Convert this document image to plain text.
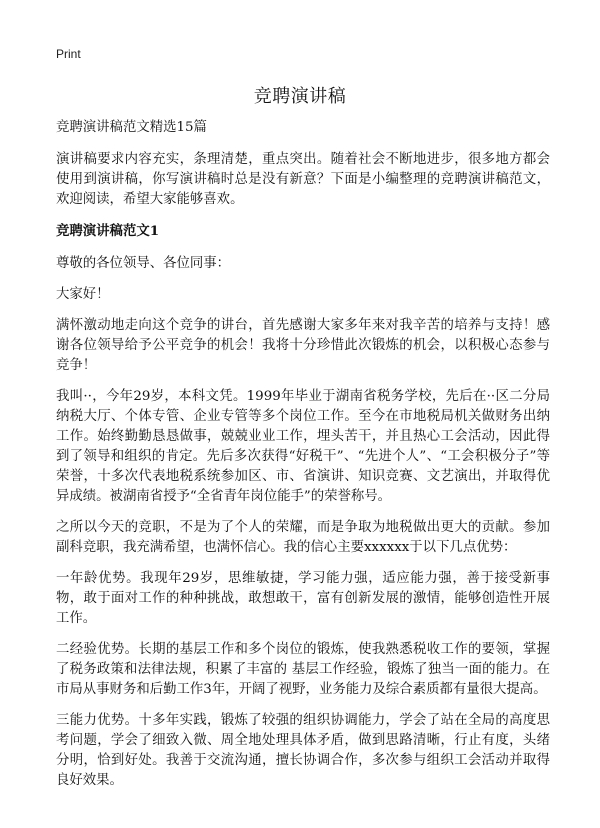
Print
竞聘演讲稿

竞聘演讲稿范文精选15篇

演讲稿要求内容充实，条理清楚，重点突出。随着社会不断地进步，很多地方都会使用到演讲稿，你写演讲稿时总是没有新意？下面是小编整理的竞聘演讲稿范文，欢迎阅读，希望大家能够喜欢。

竞聘演讲稿范文1

尊敬的各位领导、各位同事：

大家好！

满怀激动地走向这个竞争的讲台，首先感谢大家多年来对我辛苦的培养与支持！感谢各位领导给予公平竞争的机会！我将十分珍惜此次锻炼的机会，以积极心态参与竞争！

我叫··，今年29岁，本科文凭。1999年毕业于湖南省税务学校，先后在··区二分局纳税大厅、个体专管、企业专管等多个岗位工作。至今在市地税局机关做财务出纳工作。始终勤勤恳恳做事，兢兢业业工作，埋头苦干，并且热心工会活动，因此得到了领导和组织的肯定。先后多次获得“好税干”、“先进个人”、“工会积极分子”等荣誉，十多次代表地税系统参加区、市、省演讲、知识竞赛、文艺演出，并取得优异成绩。被湖南省授予“全省青年岗位能手”的荣誉称号。

之所以今天的竞职，不是为了个人的荣耀，而是争取为地税做出更大的贡献。参加副科竞职，我充满希望，也满怀信心。我的信心主要xxxxxx于以下几点优势：

一年龄优势。我现年29岁，思维敏捷，学习能力强，适应能力强，善于接受新事物，敢于面对工作的种种挑战，敢想敢干，富有创新发展的激情，能够创造性开展工作。

二经验优势。长期的基层工作和多个岗位的锻炼，使我熟悉税收工作的要领，掌握了税务政策和法律法规，积累了丰富的 基层工作经验，锻炼了独当一面的能力。在市局从事财务和后勤工作3年，开阔了视野，业务能力及综合素质都有量很大提高。

三能力优势。十多年实践，锻炼了较强的组织协调能力，学会了站在全局的高度思考问题，学会了细致入微、周全地处理具体矛盾，做到思路清晰，行止有度，头绪分明，恰到好处。我善于交流沟通，擅长协调合作，多次参与组织工会活动并取得良好效果。
